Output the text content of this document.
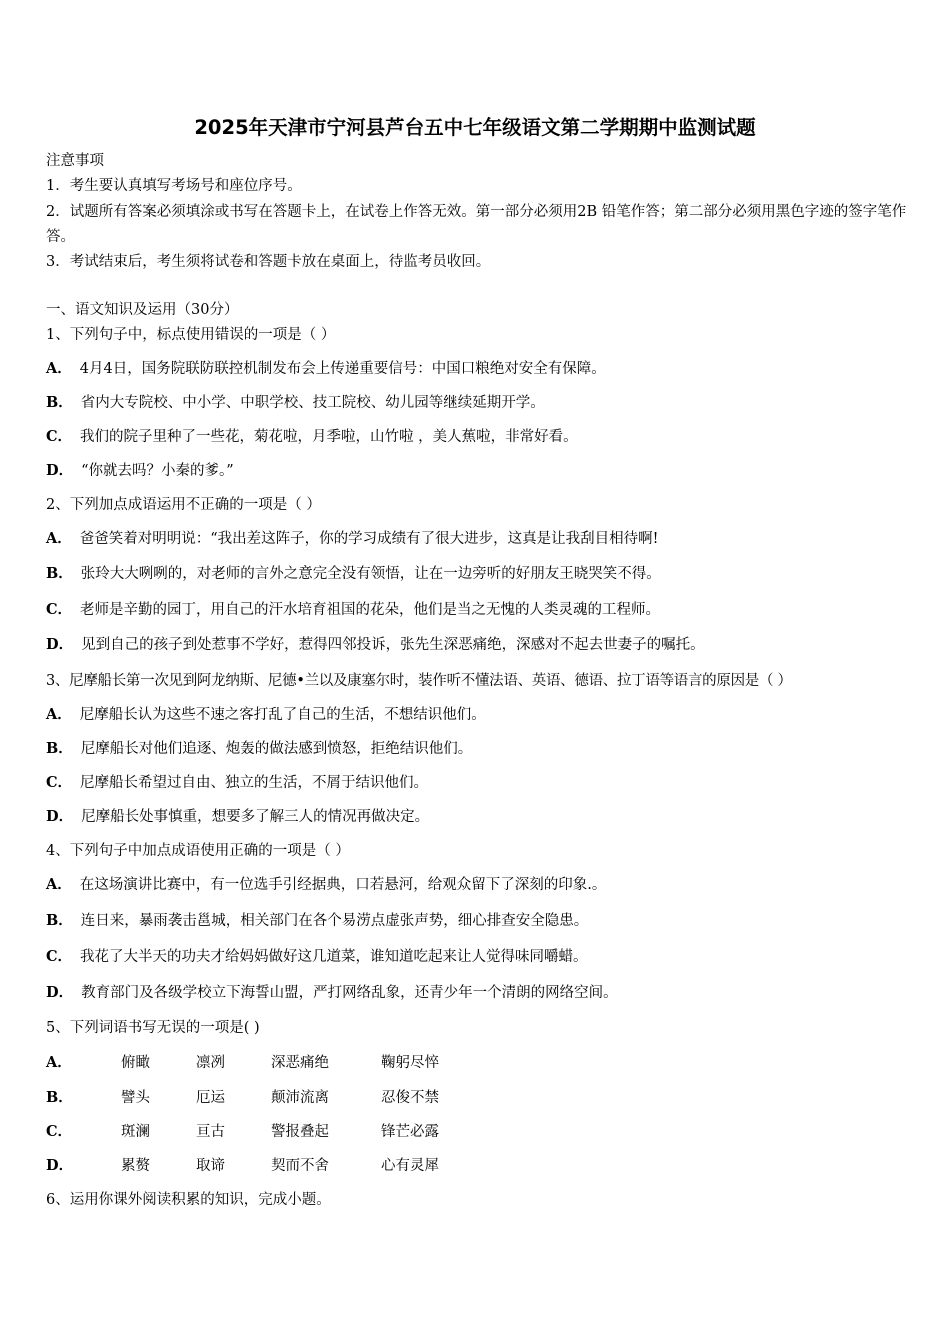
2025年天津市宁河县芦台五中七年级语文第二学期期中监测试题
注意事项
1．考生要认真填写考场号和座位序号。
2．试题所有答案必须填涂或书写在答题卡上，在试卷上作答无效。第一部分必须用2B 铅笔作答；第二部分必须用黑色字迹的签字笔作答。
3．考试结束后，考生须将试卷和答题卡放在桌面上，待监考员收回。
一、语文知识及运用（30分）
1、下列句子中，标点使用错误的一项是（ ）
A． 4月4日，国务院联防联控机制发布会上传递重要信号：中国口粮绝对安全有保障。
B． 省内大专院校、中小学、中职学校、技工院校、幼儿园等继续延期开学。
C． 我们的院子里种了一些花，菊花啦，月季啦，山竹啦 ，美人蕉啦，非常好看。
D． “你就去吗？小秦的爹。”
2、下列加点成语运用不正确的一项是（ ）
A． 爸爸笑着对明明说：“我出差这阵子，你的学习成绩有了很大进步，这真是让我刮目相待啊!
B． 张玲大大咧咧的，对老师的言外之意完全没有领悟，让在一边旁听的好朋友王晓哭笑不得。
C． 老师是辛勤的园丁，用自己的汗水培育祖国的花朵，他们是当之无愧的人类灵魂的工程师。
D． 见到自己的孩子到处惹事不学好，惹得四邻投诉，张先生深恶痛绝，深感对不起去世妻子的嘱托。
3、尼摩船长第一次见到阿龙纳斯、尼德•兰以及康塞尔时，装作听不懂法语、英语、德语、拉丁语等语言的原因是（ ）
A． 尼摩船长认为这些不速之客打乱了自己的生活，不想结识他们。
B． 尼摩船长对他们追逐、炮轰的做法感到愤怒，拒绝结识他们。
C． 尼摩船长希望过自由、独立的生活，不屑于结识他们。
D． 尼摩船长处事慎重，想要多了解三人的情况再做决定。
4、下列句子中加点成语使用正确的一项是（ ）
A． 在这场演讲比赛中，有一位选手引经据典，口若悬河，给观众留下了深刻的印象.。
B． 连日来，暴雨袭击邕城，相关部门在各个易涝点虚张声势，细心排查安全隐患。
C． 我花了大半天的功夫才给妈妈做好这几道菜，谁知道吃起来让人觉得味同嚼蜡。
D． 教育部门及各级学校立下海誓山盟，严打网络乱象，还青少年一个清朗的网络空间。
5、下列词语书写无误的一项是( )
A．	俯瞰	凛冽	深恶痛绝	鞠躬尽悴
B．	譬头	厄运	颠沛流离	忍俊不禁
C．	斑澜	亘古	警报叠起	锋芒必露
D．	累赘	取谛	契而不舍	心有灵犀
6、运用你课外阅读积累的知识，完成小题。
